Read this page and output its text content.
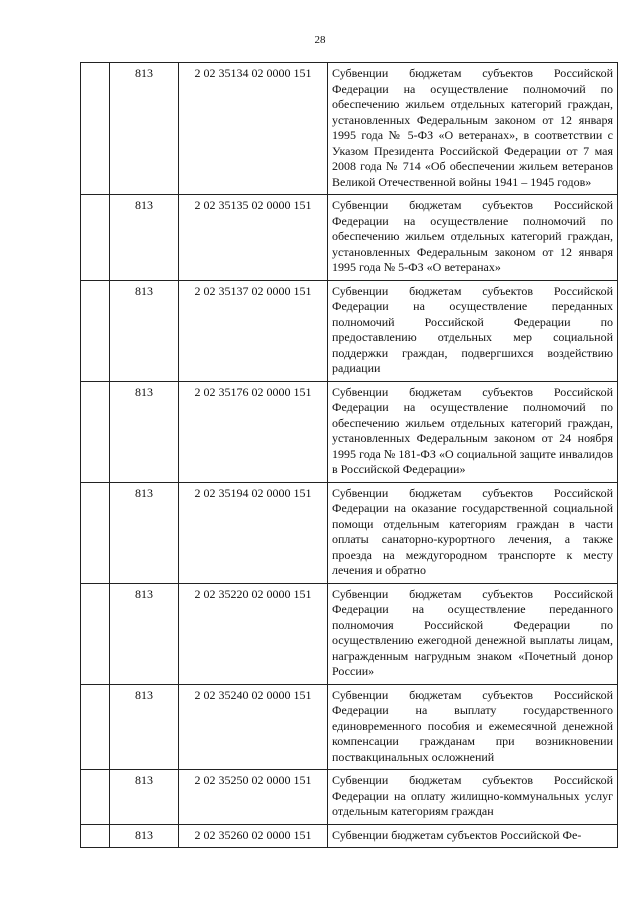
28
	813	2 02 35134 02 0000 151	Субвенции бюджетам субъектов Российской Федерации на осуществление полномочий по обеспечению жильем отдельных категорий граждан, установленных Федеральным законом от 12 января 1995 года № 5-ФЗ «О ветеранах», в соответствии с Указом Президента Российской Федерации от 7 мая 2008 года № 714 «Об обеспечении жильем ветеранов Великой Отечественной войны 1941 – 1945 годов»
	813	2 02 35135 02 0000 151	Субвенции бюджетам субъектов Российской Федерации на осуществление полномочий по обеспечению жильем отдельных категорий граждан, установленных Федеральным законом от 12 января 1995 года № 5-ФЗ «О ветеранах»
	813	2 02 35137 02 0000 151	Субвенции бюджетам субъектов Российской Федерации на осуществление переданных полномочий Российской Федерации по предоставлению отдельных мер социальной поддержки граждан, подвергшихся воздействию радиации
	813	2 02 35176 02 0000 151	Субвенции бюджетам субъектов Российской Федерации на осуществление полномочий по обеспечению жильем отдельных категорий граждан, установленных Федеральным законом от 24 ноября 1995 года № 181-ФЗ «О социальной защите инвалидов в Российской Федерации»
	813	2 02 35194 02 0000 151	Субвенции бюджетам субъектов Российской Федерации на оказание государственной социальной помощи отдельным категориям граждан в части оплаты санаторно-курортного лечения, а также проезда на междугородном транспорте к месту лечения и обратно
	813	2 02 35220 02 0000 151	Субвенции бюджетам субъектов Российской Федерации на осуществление переданного полномочия Российской Федерации по осуществлению ежегодной денежной выплаты лицам, награжденным нагрудным знаком «Почетный донор России»
	813	2 02 35240 02 0000 151	Субвенции бюджетам субъектов Российской Федерации на выплату государственного единовременного пособия и ежемесячной денежной компенсации гражданам при возникновении поствакцинальных осложнений
	813	2 02 35250 02 0000 151	Субвенции бюджетам субъектов Российской Федерации на оплату жилищно-коммунальных услуг отдельным категориям граждан
	813	2 02 35260 02 0000 151	Субвенции бюджетам субъектов Российской Фе-
